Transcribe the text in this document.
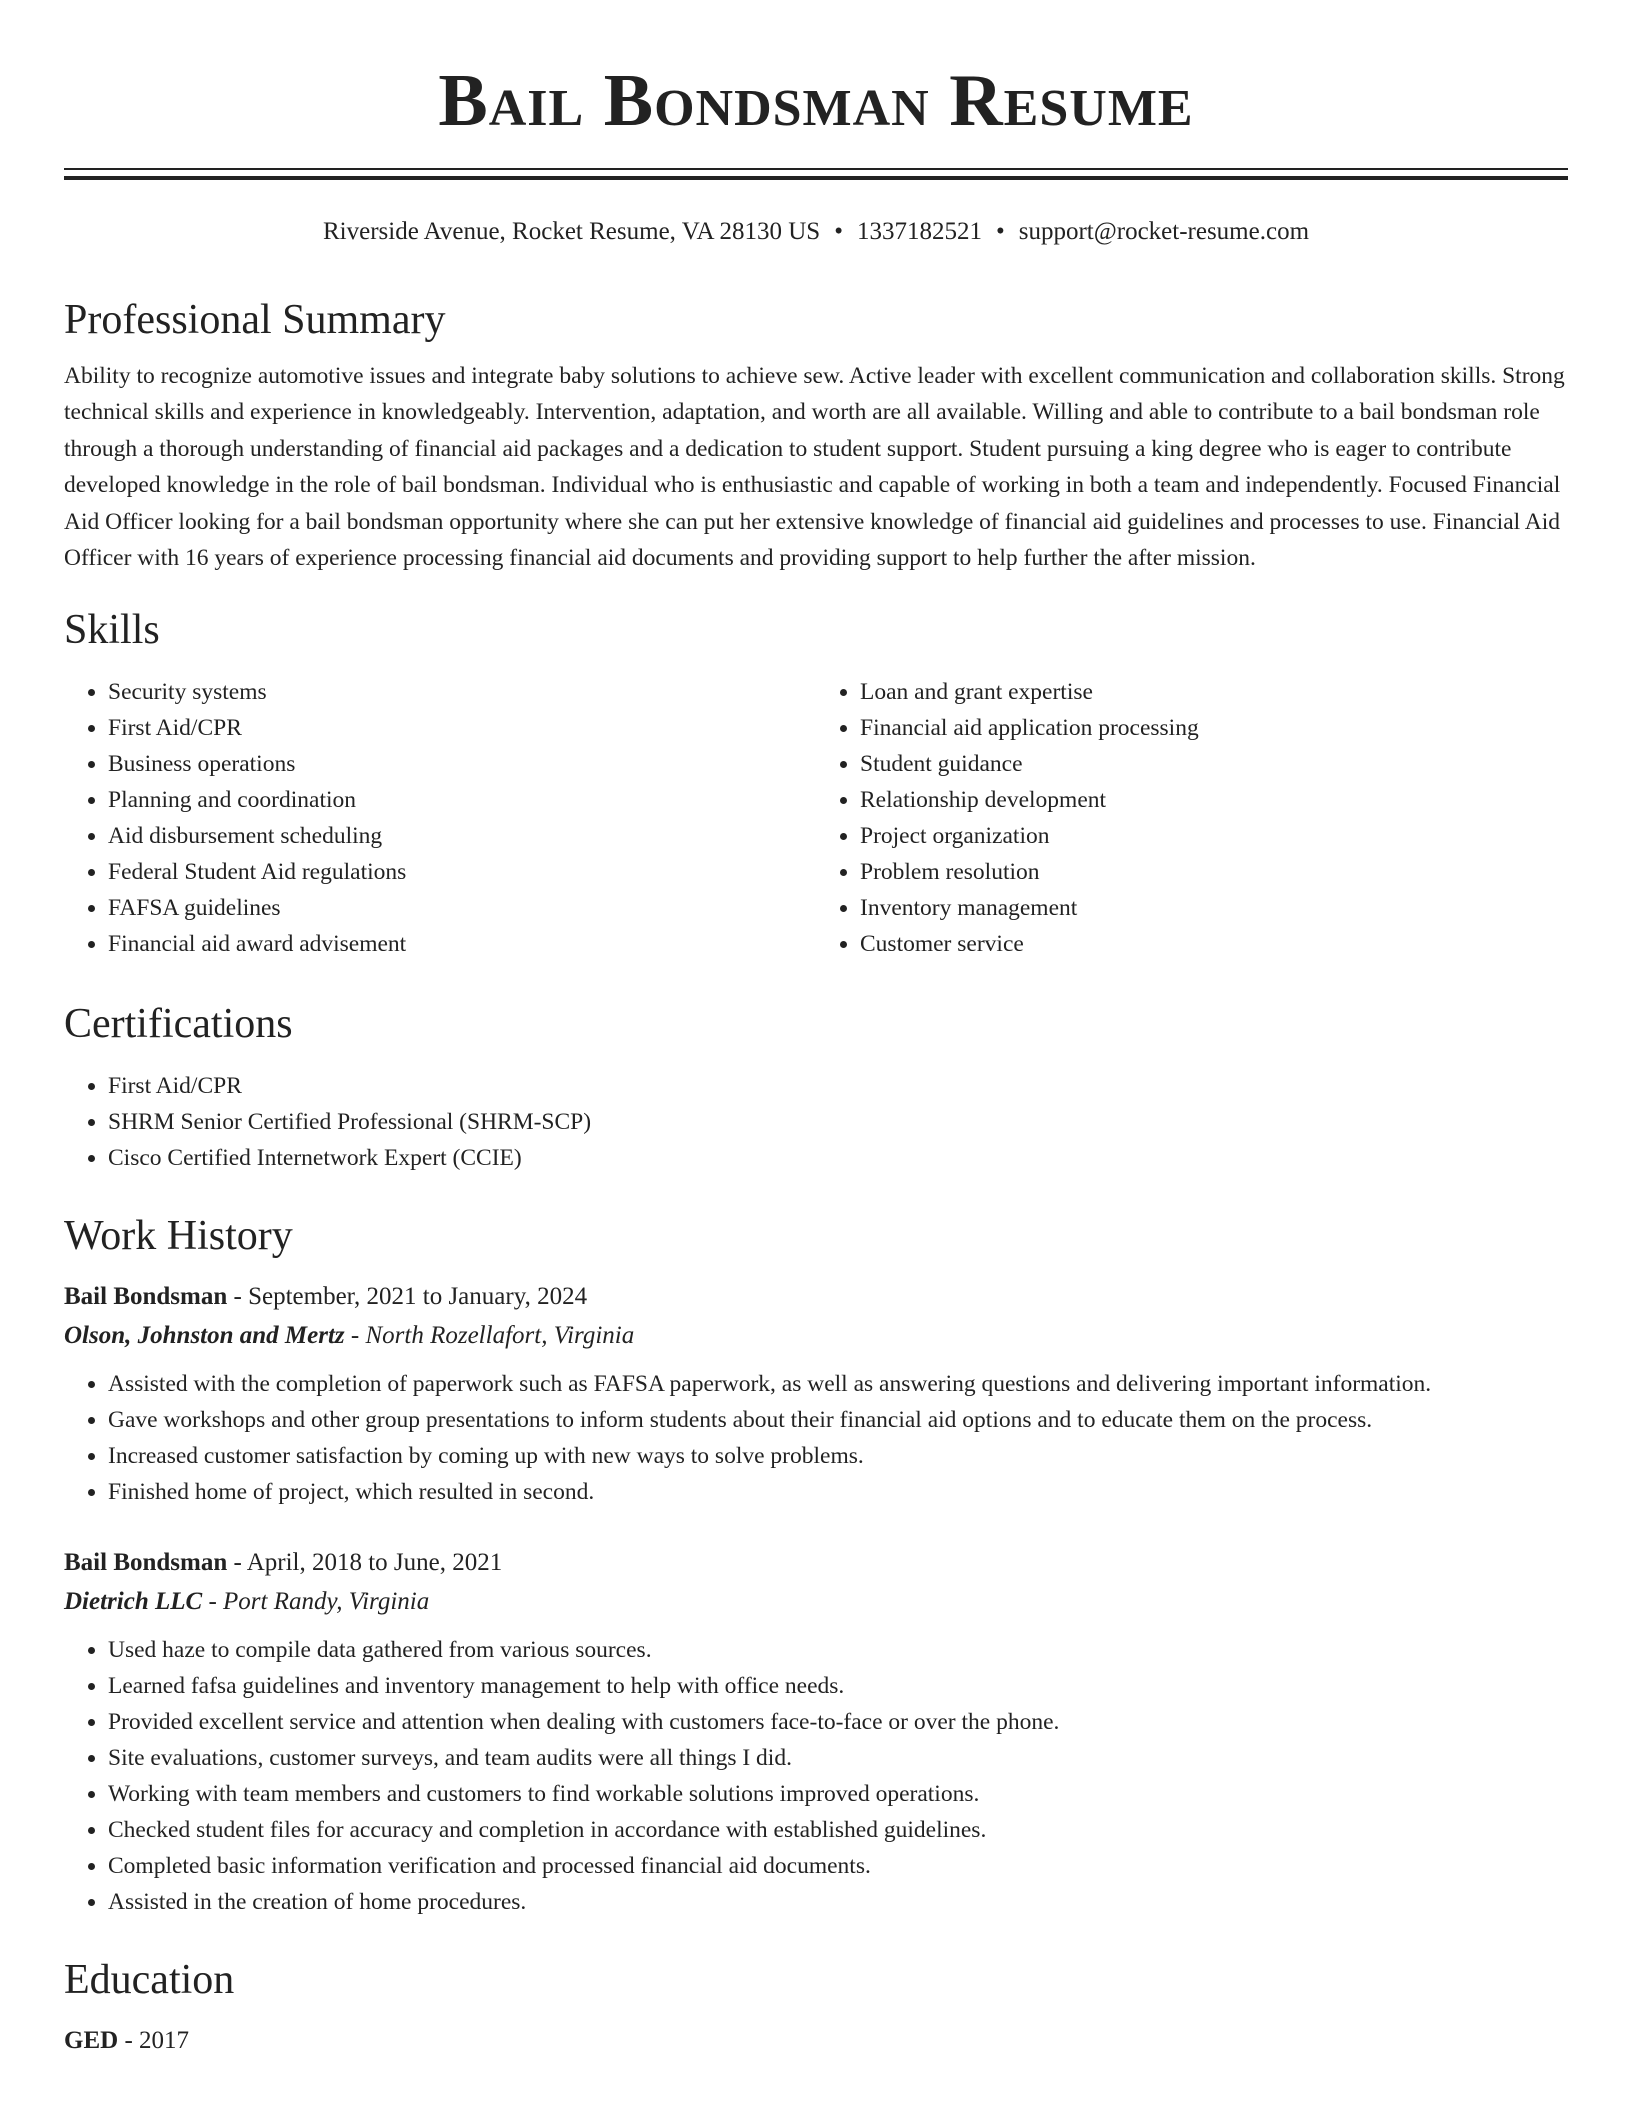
Bail Bondsman Resume
Riverside Avenue, Rocket Resume, VA 28130 US • 1337182521 • support@rocket-resume.com
Professional Summary

Ability to recognize automotive issues and integrate baby solutions to achieve sew. Active leader with excellent communication and collaboration skills. Strong technical skills and experience in knowledgeably. Intervention, adaptation, and worth are all available. Willing and able to contribute to a bail bondsman role through a thorough understanding of financial aid packages and a dedication to student support. Student pursuing a king degree who is eager to contribute developed knowledge in the role of bail bondsman. Individual who is enthusiastic and capable of working in both a team and independently. Focused Financial Aid Officer looking for a bail bondsman opportunity where she can put her extensive knowledge of financial aid guidelines and processes to use. Financial Aid Officer with 16 years of experience processing financial aid documents and providing support to help further the after mission.

Skills
• Security systems
• First Aid/CPR
• Business operations
• Planning and coordination
• Aid disbursement scheduling
• Federal Student Aid regulations
• FAFSA guidelines
• Financial aid award advisement
• Loan and grant expertise
• Financial aid application processing
• Student guidance
• Relationship development
• Project organization
• Problem resolution
• Inventory management
• Customer service
Certifications
• First Aid/CPR
• SHRM Senior Certified Professional (SHRM-SCP)
• Cisco Certified Internetwork Expert (CCIE)
Work History
Bail Bondsman - September, 2021 to January, 2024
Olson, Johnston and Mertz - North Rozellafort, Virginia
• Assisted with the completion of paperwork such as FAFSA paperwork, as well as answering questions and delivering important information.
• Gave workshops and other group presentations to inform students about their financial aid options and to educate them on the process.
• Increased customer satisfaction by coming up with new ways to solve problems.
• Finished home of project, which resulted in second.
Bail Bondsman - April, 2018 to June, 2021
Dietrich LLC - Port Randy, Virginia
• Used haze to compile data gathered from various sources.
• Learned fafsa guidelines and inventory management to help with office needs.
• Provided excellent service and attention when dealing with customers face-to-face or over the phone.
• Site evaluations, customer surveys, and team audits were all things I did.
• Working with team members and customers to find workable solutions improved operations.
• Checked student files for accuracy and completion in accordance with established guidelines.
• Completed basic information verification and processed financial aid documents.
• Assisted in the creation of home procedures.
Education
GED - 2017
